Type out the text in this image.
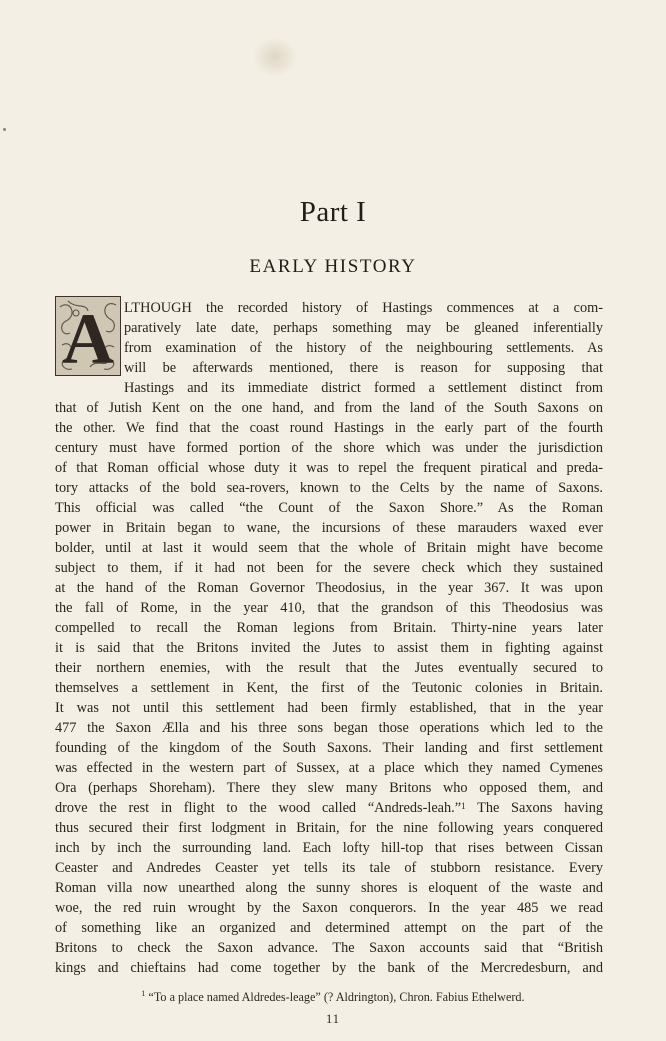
Part I
EARLY HISTORY
A LTHOUGH the recorded history of Hastings commences at a com-
paratively late date, perhaps something may be gleaned inferentially
from examination of the history of the neighbouring settlements. As
will be afterwards mentioned, there is reason for supposing that
Hastings and its immediate district formed a settlement distinct from
that of Jutish Kent on the one hand, and from the land of the South Saxons on
the other. We find that the coast round Hastings in the early part of the fourth
century must have formed portion of the shore which was under the jurisdiction
of that Roman official whose duty it was to repel the frequent piratical and preda-
tory attacks of the bold sea-rovers, known to the Celts by the name of Saxons.
This official was called “the Count of the Saxon Shore.” As the Roman
power in Britain began to wane, the incursions of these marauders waxed ever
bolder, until at last it would seem that the whole of Britain might have become
subject to them, if it had not been for the severe check which they sustained
at the hand of the Roman Governor Theodosius, in the year 367. It was upon
the fall of Rome, in the year 410, that the grandson of this Theodosius was
compelled to recall the Roman legions from Britain. Thirty-nine years later
it is said that the Britons invited the Jutes to assist them in fighting against
their northern enemies, with the result that the Jutes eventually secured to
themselves a settlement in Kent, the first of the Teutonic colonies in Britain.
It was not until this settlement had been firmly established, that in the year
477 the Saxon Ælla and his three sons began those operations which led to the
founding of the kingdom of the South Saxons. Their landing and first settlement
was effected in the western part of Sussex, at a place which they named Cymenes
Ora (perhaps Shoreham). There they slew many Britons who opposed them, and
drove the rest in flight to the wood called “Andreds-leah.”$^1$ The Saxons having
thus secured their first lodgment in Britain, for the nine following years conquered
inch by inch the surrounding land. Each lofty hill-top that rises between Cissan
Ceaster and Andredes Ceaster yet tells its tale of stubborn resistance. Every
Roman villa now unearthed along the sunny shores is eloquent of the waste and
woe, the red ruin wrought by the Saxon conquerors. In the year 485 we read
of something like an organized and determined attempt on the part of the
Britons to check the Saxon advance. The Saxon accounts said that “British
kings and chieftains had come together by the bank of the Mercredesburn, and
$^1$ “To a place named Aldredes-leage” (? Aldrington), Chron. Fabius Ethelwerd.
11
